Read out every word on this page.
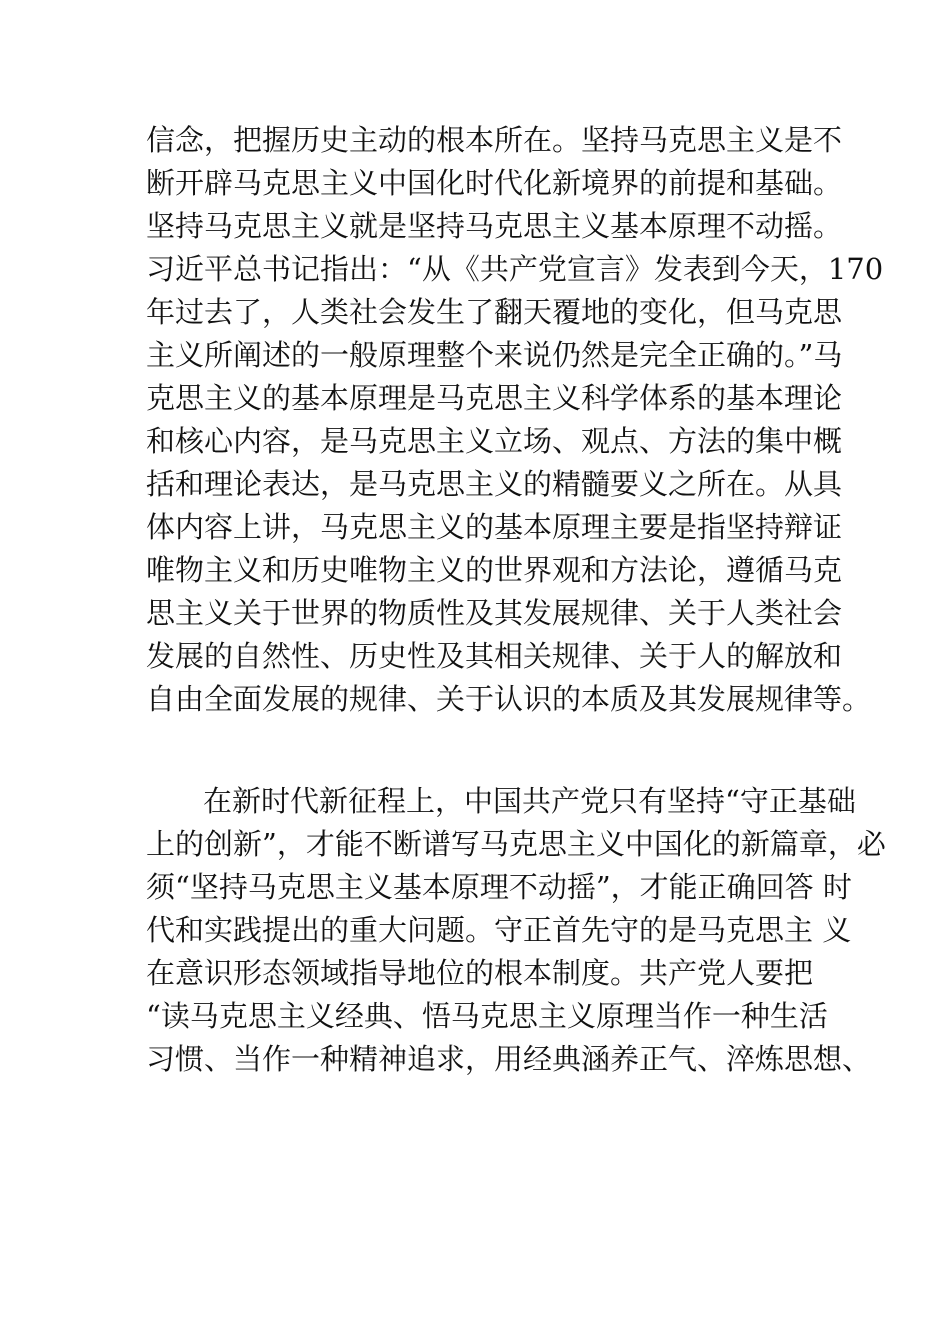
信念，把握历史主动的根本所在。坚持马克思主义是不
断开辟马克思主义中国化时代化新境界的前提和基础。
坚持马克思主义就是坚持马克思主义基本原理不动摇。
习近平总书记指出：“从《共产党宣言》发表到今天，170
年过去了，人类社会发生了翻天覆地的变化，但马克思
主义所阐述的一般原理整个来说仍然是完全正确的。”马
克思主义的基本原理是马克思主义科学体系的基本理论
和核心内容，是马克思主义立场、观点、方法的集中概
括和理论表达，是马克思主义的精髓要义之所在。从具
体内容上讲，马克思主义的基本原理主要是指坚持辩证
唯物主义和历史唯物主义的世界观和方法论，遵循马克
思主义关于世界的物质性及其发展规律、关于人类社会
发展的自然性、历史性及其相关规律、关于人的解放和
自由全面发展的规律、关于认识的本质及其发展规律等。
在新时代新征程上，中国共产党只有坚持“守正基础
上的创新”，才能不断谱写马克思主义中国化的新篇章，必
须“坚持马克思主义基本原理不动摇”，才能正确回答 时
代和实践提出的重大问题。守正首先守的是马克思主 义
在意识形态领域指导地位的根本制度。共产党人要把
“读马克思主义经典、悟马克思主义原理当作一种生活
习惯、当作一种精神追求，用经典涵养正气、淬炼思想、
